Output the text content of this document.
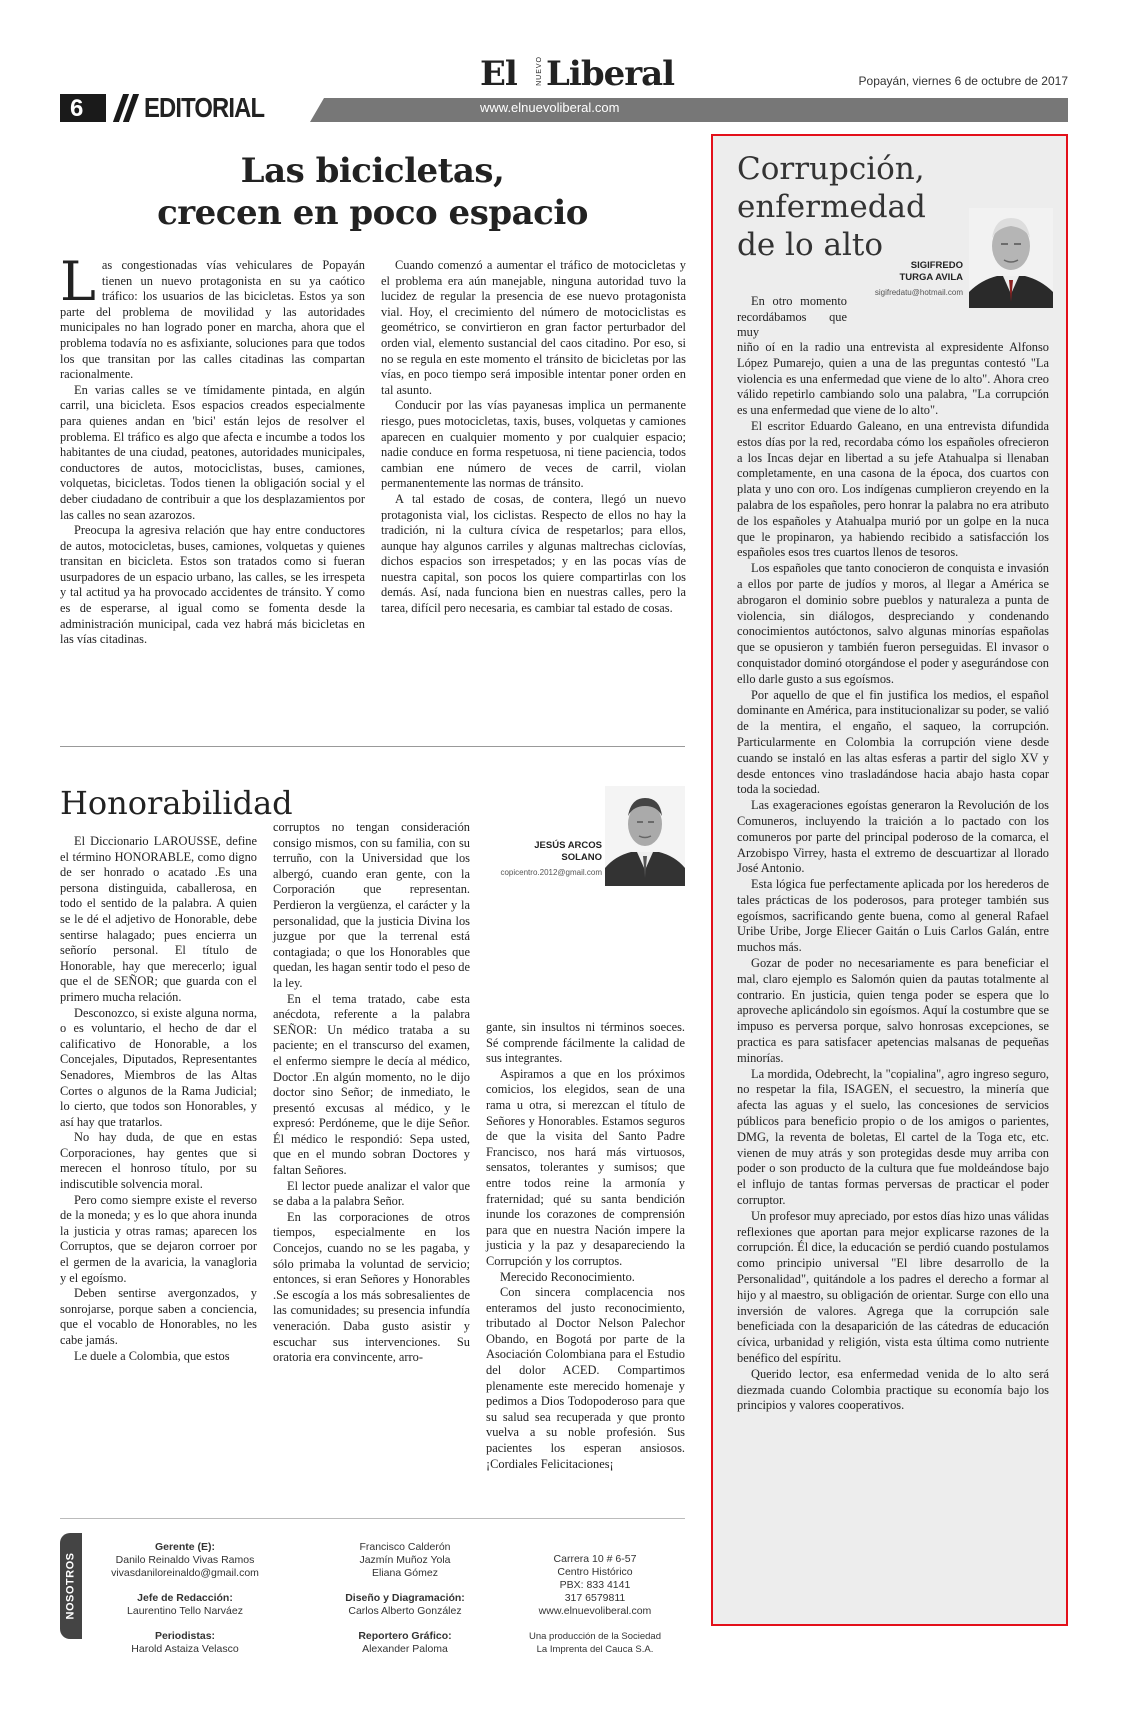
El	NUEVO Liberal	Popayán, viernes 6 de octubre de 2017
6 EDITORIAL	www.elnuevoliberal.com
Las bicicletas,
crecen en poco espacio

Las congestionadas vías vehiculares de Popayán tienen un nuevo protagonista en su ya caótico tráfico: los usuarios de las bicicletas. Estos ya son parte del problema de movilidad y las autoridades municipales no han logrado poner en marcha, ahora que el problema todavía no es asfixiante, soluciones para que todos los que transitan por las calles citadinas las compartan racionalmente.

En varias calles se ve tímidamente pintada, en algún carril, una bicicleta. Esos espacios creados especialmente para quienes andan en 'bici' están lejos de resolver el problema. El tráfico es algo que afecta e incumbe a todos los habitantes de una ciudad, peatones, autoridades municipales, conductores de autos, motociclistas, buses, camiones, volquetas, bicicletas. Todos tienen la obligación social y el deber ciudadano de contribuir a que los desplazamientos por las calles no sean azarozos.

Preocupa la agresiva relación que hay entre conductores de autos, motocicletas, buses, camiones, volquetas y quienes transitan en bicicleta. Estos son tratados como si fueran usurpadores de un espacio urbano, las calles, se les irrespeta y tal actitud ya ha provocado accidentes de tránsito. Y como es de esperarse, al igual como se fomenta desde la administración municipal, cada vez habrá más bicicletas en las vías citadinas.

Cuando comenzó a aumentar el tráfico de motocicletas y el problema era aún manejable, ninguna autoridad tuvo la lucidez de regular la presencia de ese nuevo protagonista vial. Hoy, el crecimiento del número de motociclistas es geométrico, se convirtieron en gran factor perturbador del orden vial, elemento sustancial del caos citadino. Por eso, si no se regula en este momento el tránsito de bicicletas por las vías, en poco tiempo será imposible intentar poner orden en tal asunto.

Conducir por las vías payanesas implica un permanente riesgo, pues motocicletas, taxis, buses, volquetas y camiones aparecen en cualquier momento y por cualquier espacio; nadie conduce en forma respetuosa, ni tiene paciencia, todos cambian ene número de veces de carril, violan permanentemente las normas de tránsito.

A tal estado de cosas, de contera, llegó un nuevo protagonista vial, los ciclistas. Respecto de ellos no hay la tradición, ni la cultura cívica de respetarlos; para ellos, aunque hay algunos carriles y algunas maltrechas ciclovías, dichos espacios son irrespetados; y en las pocas vías de nuestra capital, son pocos los quiere compartirlas con los demás. Así, nada funciona bien en nuestras calles, pero la tarea, difícil pero necesaria, es cambiar tal estado de cosas.

Honorabilidad
JESÚS ARCOS
SOLANO
copicentro.2012@gmail.com

El Diccionario LAROUSSE, define el término HONORABLE, como digno de ser honrado o acatado .Es una persona distinguida, caballerosa, en todo el sentido de la palabra. A quien se le dé el adjetivo de Honorable, debe sentirse halagado; pues encierra un señorío personal. El título de Honorable, hay que merecerlo; igual que el de SEÑOR; que guarda con el primero mucha relación.

Desconozco, si existe alguna norma, o es voluntario, el hecho de dar el calificativo de Honorable, a los Concejales, Diputados, Representantes Senadores, Miembros de las Altas Cortes o algunos de la Rama Judicial; lo cierto, que todos son Honorables, y así hay que tratarlos.

No hay duda, de que en estas Corporaciones, hay gentes que si merecen el honroso título, por su indiscutible solvencia moral.

Pero como siempre existe el reverso de la moneda; y es lo que ahora inunda la justicia y otras ramas; aparecen los Corruptos, que se dejaron corroer por el germen de la avaricia, la vanagloria y el egoísmo.

Deben sentirse avergonzados, y sonrojarse, porque saben a conciencia, que el vocablo de Honorables, no les cabe jamás.

Le duele a Colombia, que estos

corruptos no tengan consideración consigo mismos, con su familia, con su terruño, con la Universidad que los albergó, cuando eran gente, con la Corporación que representan. Perdieron la vergüenza, el carácter y la personalidad, que la justicia Divina los juzgue por que la terrenal está contagiada; o que los Honorables que quedan, les hagan sentir todo el peso de la ley.

En el tema tratado, cabe esta anécdota, referente a la palabra SEÑOR: Un médico trataba a su paciente; en el transcurso del examen, el enfermo siempre le decía al médico, Doctor .En algún momento, no le dijo doctor sino Señor; de inmediato, le presentó excusas al médico, y le expresó: Perdóneme, que le dije Señor. Él médico le respondió: Sepa usted, que en el mundo sobran Doctores y faltan Señores.

El lector puede analizar el valor que se daba a la palabra Señor.

En las corporaciones de otros tiempos, especialmente en los Concejos, cuando no se les pagaba, y sólo primaba la voluntad de servicio; entonces, si eran Señores y Honorables .Se escogía a los más sobresalientes de las comunidades; su presencia infundía veneración. Daba gusto asistir y escuchar sus intervenciones. Su oratoria era convincente, arro-

gante, sin insultos ni términos soeces. Sé comprende fácilmente la calidad de sus integrantes.

Aspiramos a que en los próximos comicios, los elegidos, sean de una rama u otra, si merezcan el título de Señores y Honorables. Estamos seguros de que la visita del Santo Padre Francisco, nos hará más virtuosos, sensatos, tolerantes y sumisos; que entre todos reine la armonía y fraternidad; qué su santa bendición inunde los corazones de comprensión para que en nuestra Nación impere la justicia y la paz y desapareciendo la Corrupción y los corruptos.

Merecido Reconocimiento.

Con sincera complacencia nos enteramos del justo reconocimiento, tributado al Doctor Nelson Palechor Obando, en Bogotá por parte de la Asociación Colombiana para el Estudio del dolor ACED. Compartimos plenamente este merecido homenaje y pedimos a Dios Todopoderoso para que su salud sea recuperada y que pronto vuelva a su noble profesión. Sus pacientes los esperan ansiosos. ¡Cordiales Felicitaciones¡

Corrupción,
enfermedad
de lo alto
SIGIFREDO
TURGA AVILA
sigifredatu@hotmail.com

En otro momento recordábamos que muy

niño oí en la radio una entrevista al expresidente Alfonso López Pumarejo, quien a una de las preguntas contestó "La violencia es una enfermedad que viene de lo alto". Ahora creo válido repetirlo cambiando solo una palabra, "La corrupción es una enfermedad que viene de lo alto".

El escritor Eduardo Galeano, en una entrevista difundida estos días por la red, recordaba cómo los españoles ofrecieron a los Incas dejar en libertad a su jefe Atahualpa si llenaban completamente, en una casona de la época, dos cuartos con plata y uno con oro. Los indígenas cumplieron creyendo en la palabra de los españoles, pero honrar la palabra no era atributo de los españoles y Atahualpa murió por un golpe en la nuca que le propinaron, ya habiendo recibido a satisfacción los españoles esos tres cuartos llenos de tesoros.

Los españoles que tanto conocieron de conquista e invasión a ellos por parte de judíos y moros, al llegar a América se abrogaron el dominio sobre pueblos y naturaleza a punta de violencia, sin diálogos, despreciando y condenando conocimientos autóctonos, salvo algunas minorías españolas que se opusieron y también fueron perseguidas. El invasor o conquistador dominó otorgándose el poder y asegurándose con ello darle gusto a sus egoísmos.

Por aquello de que el fin justifica los medios, el español dominante en América, para institucionalizar su poder, se valió de la mentira, el engaño, el saqueo, la corrupción. Particularmente en Colombia la corrupción viene desde cuando se instaló en las altas esferas a partir del siglo XV y desde entonces vino trasladándose hacia abajo hasta copar toda la sociedad.

Las exageraciones egoístas generaron la Revolución de los Comuneros, incluyendo la traición a lo pactado con los comuneros por parte del principal poderoso de la comarca, el Arzobispo Virrey, hasta el extremo de descuartizar al llorado José Antonio.

Esta lógica fue perfectamente aplicada por los herederos de tales prácticas de los poderosos, para proteger también sus egoísmos, sacrificando gente buena, como al general Rafael Uribe Uribe, Jorge Eliecer Gaitán o Luis Carlos Galán, entre muchos más.

Gozar de poder no necesariamente es para beneficiar el mal, claro ejemplo es Salomón quien da pautas totalmente al contrario. En justicia, quien tenga poder se espera que lo aproveche aplicándolo sin egoísmos. Aquí la costumbre que se impuso es perversa porque, salvo honrosas excepciones, se practica es para satisfacer apetencias malsanas de pequeñas minorías.

La mordida, Odebrecht, la "copialina", agro ingreso seguro, no respetar la fila, ISAGEN, el secuestro, la minería que afecta las aguas y el suelo, las concesiones de servicios públicos para beneficio propio o de los amigos o parientes, DMG, la reventa de boletas, El cartel de la Toga etc, etc. vienen de muy atrás y son protegidas desde muy arriba con poder o son producto de la cultura que fue moldeándose bajo el influjo de tantas formas perversas de practicar el poder corruptor.

Un profesor muy apreciado, por estos días hizo unas válidas reflexiones que aportan para mejor explicarse razones de la corrupción. Él dice, la educación se perdió cuando postulamos como principio universal "El libre desarrollo de la Personalidad", quitándole a los padres el derecho a formar al hijo y al maestro, su obligación de orientar. Surge con ello una inversión de valores. Agrega que la corrupción sale beneficiada con la desaparición de las cátedras de educación cívica, urbanidad y religión, vista esta última como nutriente benéfico del espíritu.

Querido lector, esa enfermedad venida de lo alto será diezmada cuando Colombia practique su economía bajo los principios y valores cooperativos.

NOSOTROS
Gerente (E):
Danilo Reinaldo Vivas Ramos
vivasdaniloreinaldo@gmail.com
Jefe de Redacción:
Laurentino Tello Narváez
Periodistas:
Harold Astaiza Velasco
Francisco Calderón
Jazmín Muñoz Yola
Eliana Gómez
Diseño y Diagramación:
Carlos Alberto González
Reportero Gráfico:
Alexander Paloma
Carrera 10 # 6-57
Centro Histórico
PBX: 833 4141
317 6579811
www.elnuevoliberal.com
Una producción de la Sociedad
La Imprenta del Cauca S.A.
